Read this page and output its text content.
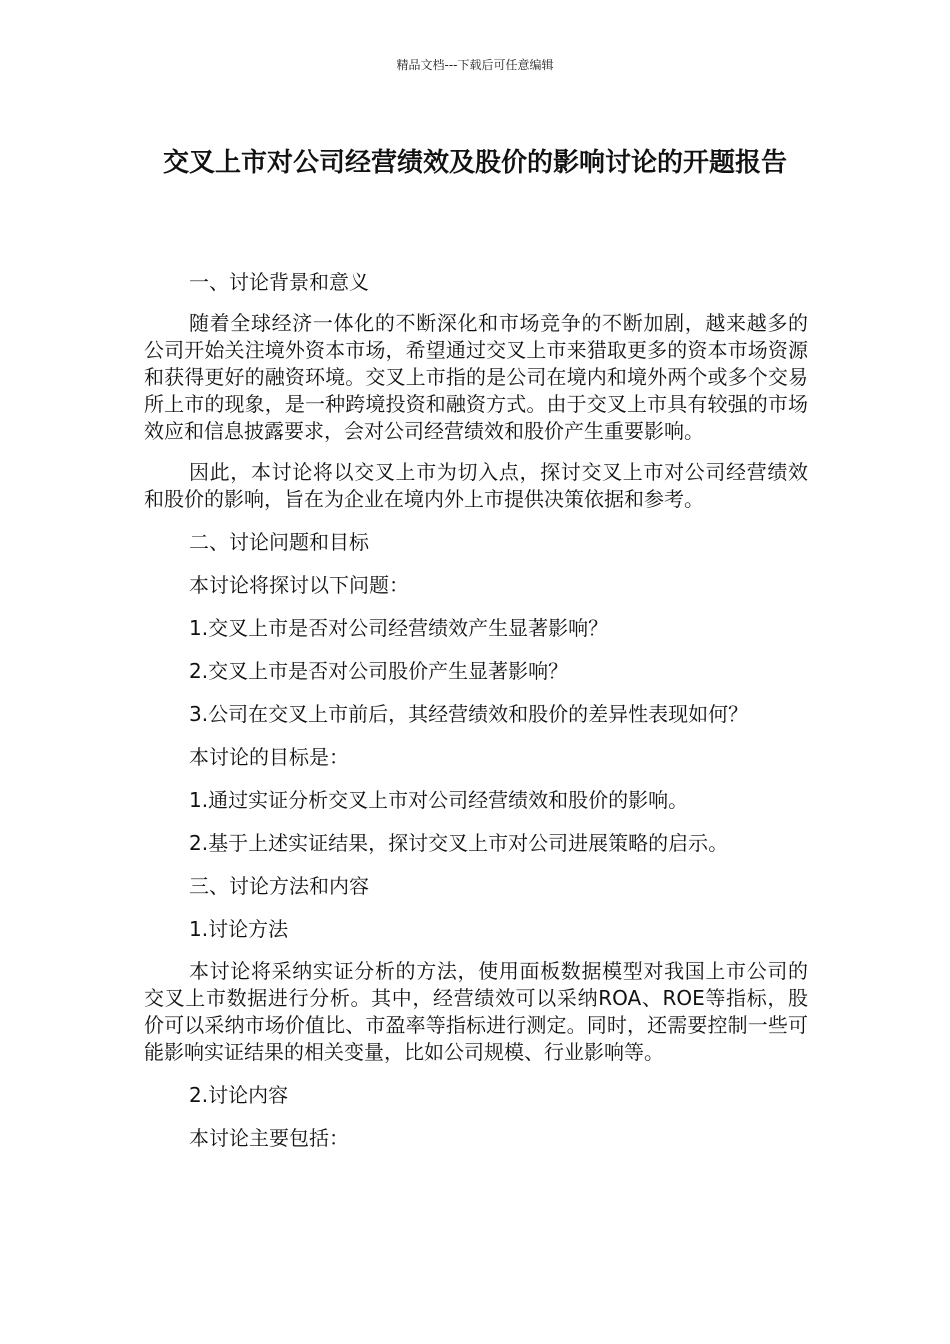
精品文档---下载后可任意编辑
交叉上市对公司经营绩效及股价的影响讨论的开题报告

一、讨论背景和意义

随着全球经济一体化的不断深化和市场竞争的不断加剧，越来越多的公司开始关注境外资本市场，希望通过交叉上市来猎取更多的资本市场资源和获得更好的融资环境。交叉上市指的是公司在境内和境外两个或多个交易所上市的现象，是一种跨境投资和融资方式。由于交叉上市具有较强的市场效应和信息披露要求，会对公司经营绩效和股价产生重要影响。

因此，本讨论将以交叉上市为切入点，探讨交叉上市对公司经营绩效和股价的影响，旨在为企业在境内外上市提供决策依据和参考。

二、讨论问题和目标

本讨论将探讨以下问题：

1.交叉上市是否对公司经营绩效产生显著影响？

2.交叉上市是否对公司股价产生显著影响？

3.公司在交叉上市前后，其经营绩效和股价的差异性表现如何？

本讨论的目标是：

1.通过实证分析交叉上市对公司经营绩效和股价的影响。

2.基于上述实证结果，探讨交叉上市对公司进展策略的启示。

三、讨论方法和内容

1.讨论方法

本讨论将采纳实证分析的方法，使用面板数据模型对我国上市公司的交叉上市数据进行分析。其中，经营绩效可以采纳ROA、ROE等指标，股价可以采纳市场价值比、市盈率等指标进行测定。同时，还需要控制一些可能影响实证结果的相关变量，比如公司规模、行业影响等。

2.讨论内容

本讨论主要包括：
